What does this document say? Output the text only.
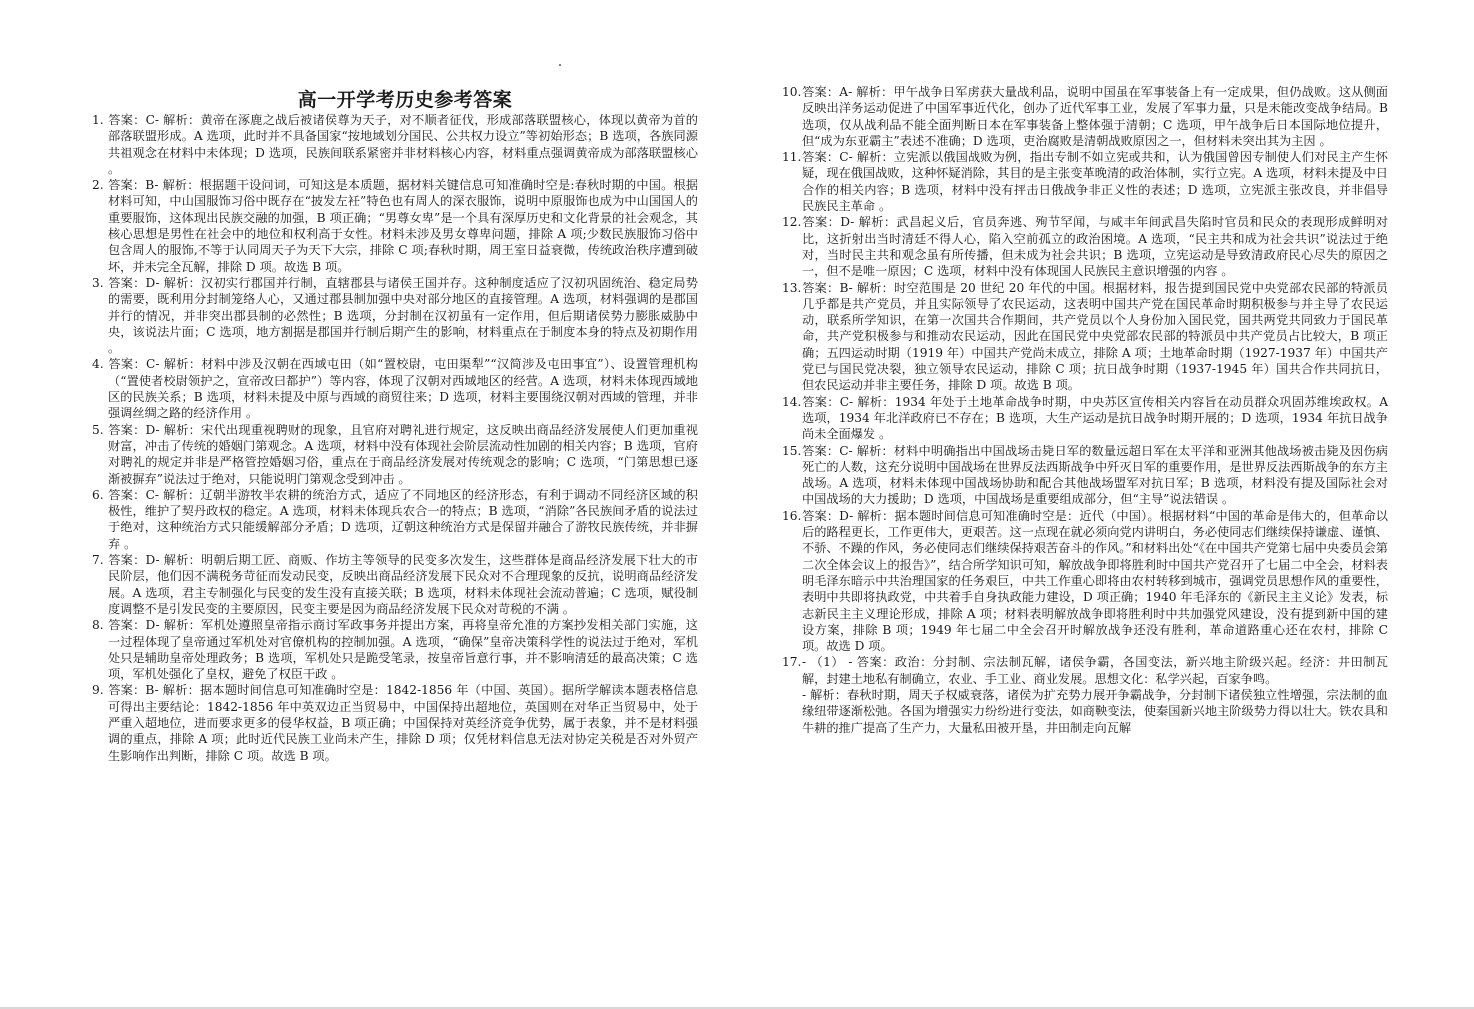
高一开学考历史参考答案

1. 答案：C- 解析：黄帝在涿鹿之战后被诸侯尊为天子，对不顺者征伐，形成部落联盟核心，体现以黄帝为首的部落联盟形成。A 选项，此时并不具备国家“按地域划分国民、公共权力设立”等初始形态；B 选项，各族同源共祖观念在材料中未体现；D 选项，民族间联系紧密并非材料核心内容，材料重点强调黄帝成为部落联盟核心 。

2. 答案：B- 解析：根据题干设问词，可知这是本质题，据材料关键信息可知准确时空是:春秋时期的中国。根据材料可知，中山国服饰习俗中既存在“披发左衽”特色也有周人的深衣服饰，说明中原服饰也成为中山国国人的重要服饰，这体现出民族交融的加强，B 项正确；“男尊女卑”是一个具有深厚历史和文化背景的社会观念，其核心思想是男性在社会中的地位和权利高于女性。材料未涉及男女尊卑问题，排除 A 项;少数民族服饰习俗中包含周人的服饰,不等于认同周天子为天下大宗，排除 C 项;春秋时期，周王室日益衰微，传统政治秩序遭到破坏，并未完全瓦解，排除 D 项。故选 B 项。

3. 答案：D- 解析：汉初实行郡国并行制，直辖郡县与诸侯王国并存。这种制度适应了汉初巩固统治、稳定局势的需要，既利用分封制笼络人心，又通过郡县制加强中央对部分地区的直接管理。A 选项，材料强调的是郡国并行的情况，并非突出郡县制的必然性；B 选项，分封制在汉初虽有一定作用，但后期诸侯势力膨胀威胁中央，该说法片面；C 选项，地方割据是郡国并行制后期产生的影响，材料重点在于制度本身的特点及初期作用 。

4. 答案：C- 解析：材料中涉及汉朝在西域屯田（如“置校尉，屯田渠犁”“汉简涉及屯田事宜”）、设置管理机构（“置使者校尉领护之，宣帝改曰都护”）等内容，体现了汉朝对西域地区的经营。A 选项，材料未体现西域地区的民族关系；B 选项，材料未提及中原与西域的商贸往来；D 选项，材料主要围绕汉朝对西域的管理，并非强调丝绸之路的经济作用 。

5. 答案：D- 解析：宋代出现重视聘财的现象，且官府对聘礼进行规定，这反映出商品经济发展使人们更加重视财富，冲击了传统的婚姻门第观念。A 选项，材料中没有体现社会阶层流动性加剧的相关内容；B 选项，官府对聘礼的规定并非是严格管控婚姻习俗，重点在于商品经济发展对传统观念的影响；C 选项，“门第思想已逐渐被摒弃”说法过于绝对，只能说明门第观念受到冲击 。

6. 答案：C- 解析：辽朝半游牧半农耕的统治方式，适应了不同地区的经济形态，有利于调动不同经济区域的积极性，维护了契丹政权的稳定。A 选项，材料未体现兵农合一的特点；B 选项，“消除”各民族间矛盾的说法过于绝对，这种统治方式只能缓解部分矛盾；D 选项，辽朝这种统治方式是保留并融合了游牧民族传统，并非摒弃 。

7. 答案：D- 解析：明朝后期工匠、商贩、作坊主等领导的民变多次发生，这些群体是商品经济发展下壮大的市民阶层，他们因不满税务苛征而发动民变，反映出商品经济发展下民众对不合理现象的反抗，说明商品经济发展。A 选项，君主专制强化与民变的发生没有直接关联；B 选项，材料未体现社会流动普遍；C 选项，赋役制度调整不是引发民变的主要原因，民变主要是因为商品经济发展下民众对苛税的不满 。

8. 答案：D- 解析：军机处遵照皇帝指示商讨军政事务并提出方案，再将皇帝允准的方案抄发相关部门实施，这一过程体现了皇帝通过军机处对官僚机构的控制加强。A 选项，“确保”皇帝决策科学性的说法过于绝对，军机处只是辅助皇帝处理政务；B 选项，军机处只是跪受笔录，按皇帝旨意行事，并不影响清廷的最高决策；C 选项，军机处强化了皇权，避免了权臣干政 。

9. 答案：B- 解析：据本题时间信息可知准确时空是：1842-1856 年（中国、英国）。据所学解读本题表格信息可得出主要结论：1842-1856 年中英双边正当贸易中，中国保持出超地位，英国则在对华正当贸易中，处于严重入超地位，进而要求更多的侵华权益，B 项正确；中国保持对英经济竞争优势，属于表象，并不是材料强调的重点，排除 A 项；此时近代民族工业尚未产生，排除 D 项；仅凭材料信息无法对协定关税是否对外贸产生影响作出判断，排除 C 项。故选 B 项。

10.答案：A- 解析：甲午战争日军虏获大量战利品，说明中国虽在军事装备上有一定成果，但仍战败。这从侧面反映出洋务运动促进了中国军事近代化，创办了近代军事工业，发展了军事力量，只是未能改变战争结局。B 选项，仅从战利品不能全面判断日本在军事装备上整体强于清朝；C 选项，甲午战争后日本国际地位提升，但“成为东亚霸主”表述不准确；D 选项，吏治腐败是清朝战败原因之一，但材料未突出其为主因 。

11.答案：C- 解析：立宪派以俄国战败为例，指出专制不如立宪或共和，认为俄国曾因专制使人们对民主产生怀疑，现在俄国战败，这种怀疑消除，其目的是主张变革晚清的政治体制，实行立宪。A 选项，材料未提及中日合作的相关内容；B 选项，材料中没有抨击日俄战争非正义性的表述；D 选项，立宪派主张改良，并非倡导民族民主革命 。

12.答案：D- 解析：武昌起义后，官员奔逃、殉节罕闻，与咸丰年间武昌失陷时官员和民众的表现形成鲜明对比，这折射出当时清廷不得人心，陷入空前孤立的政治困境。A 选项，“民主共和成为社会共识”说法过于绝对，当时民主共和观念虽有所传播，但未成为社会共识；B 选项，立宪运动是导致清政府民心尽失的原因之一，但不是唯一原因；C 选项，材料中没有体现国人民族民主意识增强的内容 。

13.答案：B- 解析：时空范围是 20 世纪 20 年代的中国。根据材料，报告提到国民党中央党部农民部的特派员几乎都是共产党员，并且实际领导了农民运动，这表明中国共产党在国民革命时期积极参与并主导了农民运动，联系所学知识，在第一次国共合作期间，共产党员以个人身份加入国民党，国共两党共同致力于国民革命，共产党积极参与和推动农民运动，因此在国民党中央党部农民部的特派员中共产党员占比较大，B 项正确；五四运动时期（1919 年）中国共产党尚未成立，排除 A 项；土地革命时期（1927-1937 年）中国共产党已与国民党决裂，独立领导农民运动，排除 C 项；抗日战争时期（1937-1945 年）国共合作共同抗日，但农民运动并非主要任务，排除 D 项。故选 B 项。

14.答案：C- 解析：1934 年处于土地革命战争时期，中央苏区宣传相关内容旨在动员群众巩固苏维埃政权。A 选项，1934 年北洋政府已不存在；B 选项，大生产运动是抗日战争时期开展的；D 选项，1934 年抗日战争尚未全面爆发 。

15.答案：C- 解析：材料中明确指出中国战场击毙日军的数量远超日军在太平洋和亚洲其他战场被击毙及因伤病死亡的人数，这充分说明中国战场在世界反法西斯战争中歼灭日军的重要作用，是世界反法西斯战争的东方主战场。A 选项，材料未体现中国战场协助和配合其他战场盟军对抗日军；B 选项，材料没有提及国际社会对中国战场的大力援助；D 选项，中国战场是重要组成部分，但“主导”说法错误 。

16.答案：D- 解析：据本题时间信息可知准确时空是：近代（中国）。根据材料“中国的革命是伟大的，但革命以后的路程更长，工作更伟大，更艰苦。这一点现在就必须向党内讲明白，务必使同志们继续保持谦虚、谨慎、不骄、不躁的作风，务必使同志们继续保持艰苦奋斗的作风。”和材料出处“《在中国共产党第七届中央委员会第二次全体会议上的报告》”，结合所学知识可知，解放战争即将胜利时中国共产党召开了七届二中全会，材料表明毛泽东暗示中共治理国家的任务艰巨，中共工作重心即将由农村转移到城市，强调党员思想作风的重要性，表明中共即将执政党，中共着手自身执政能力建设，D 项正确；1940 年毛泽东的《新民主主义论》发表，标志新民主主义理论形成，排除 A 项；材料表明解放战争即将胜利时中共加强党风建设，没有提到新中国的建设方案，排除 B 项；1949 年七届二中全会召开时解放战争还没有胜利，革命道路重心还在农村，排除 C 项。故选 D 项。

17.- （1） - 答案：政治：分封制、宗法制瓦解，诸侯争霸，各国变法，新兴地主阶级兴起。经济：井田制瓦解，封建土地私有制确立，农业、手工业、商业发展。思想文化：私学兴起，百家争鸣。

- 解析：春秋时期，周天子权威衰落，诸侯为扩充势力展开争霸战争，分封制下诸侯独立性增强，宗法制的血缘纽带逐渐松弛。各国为增强实力纷纷进行变法，如商鞅变法，使秦国新兴地主阶级势力得以壮大。铁农具和牛耕的推广提高了生产力，大量私田被开垦，井田制走向瓦解
